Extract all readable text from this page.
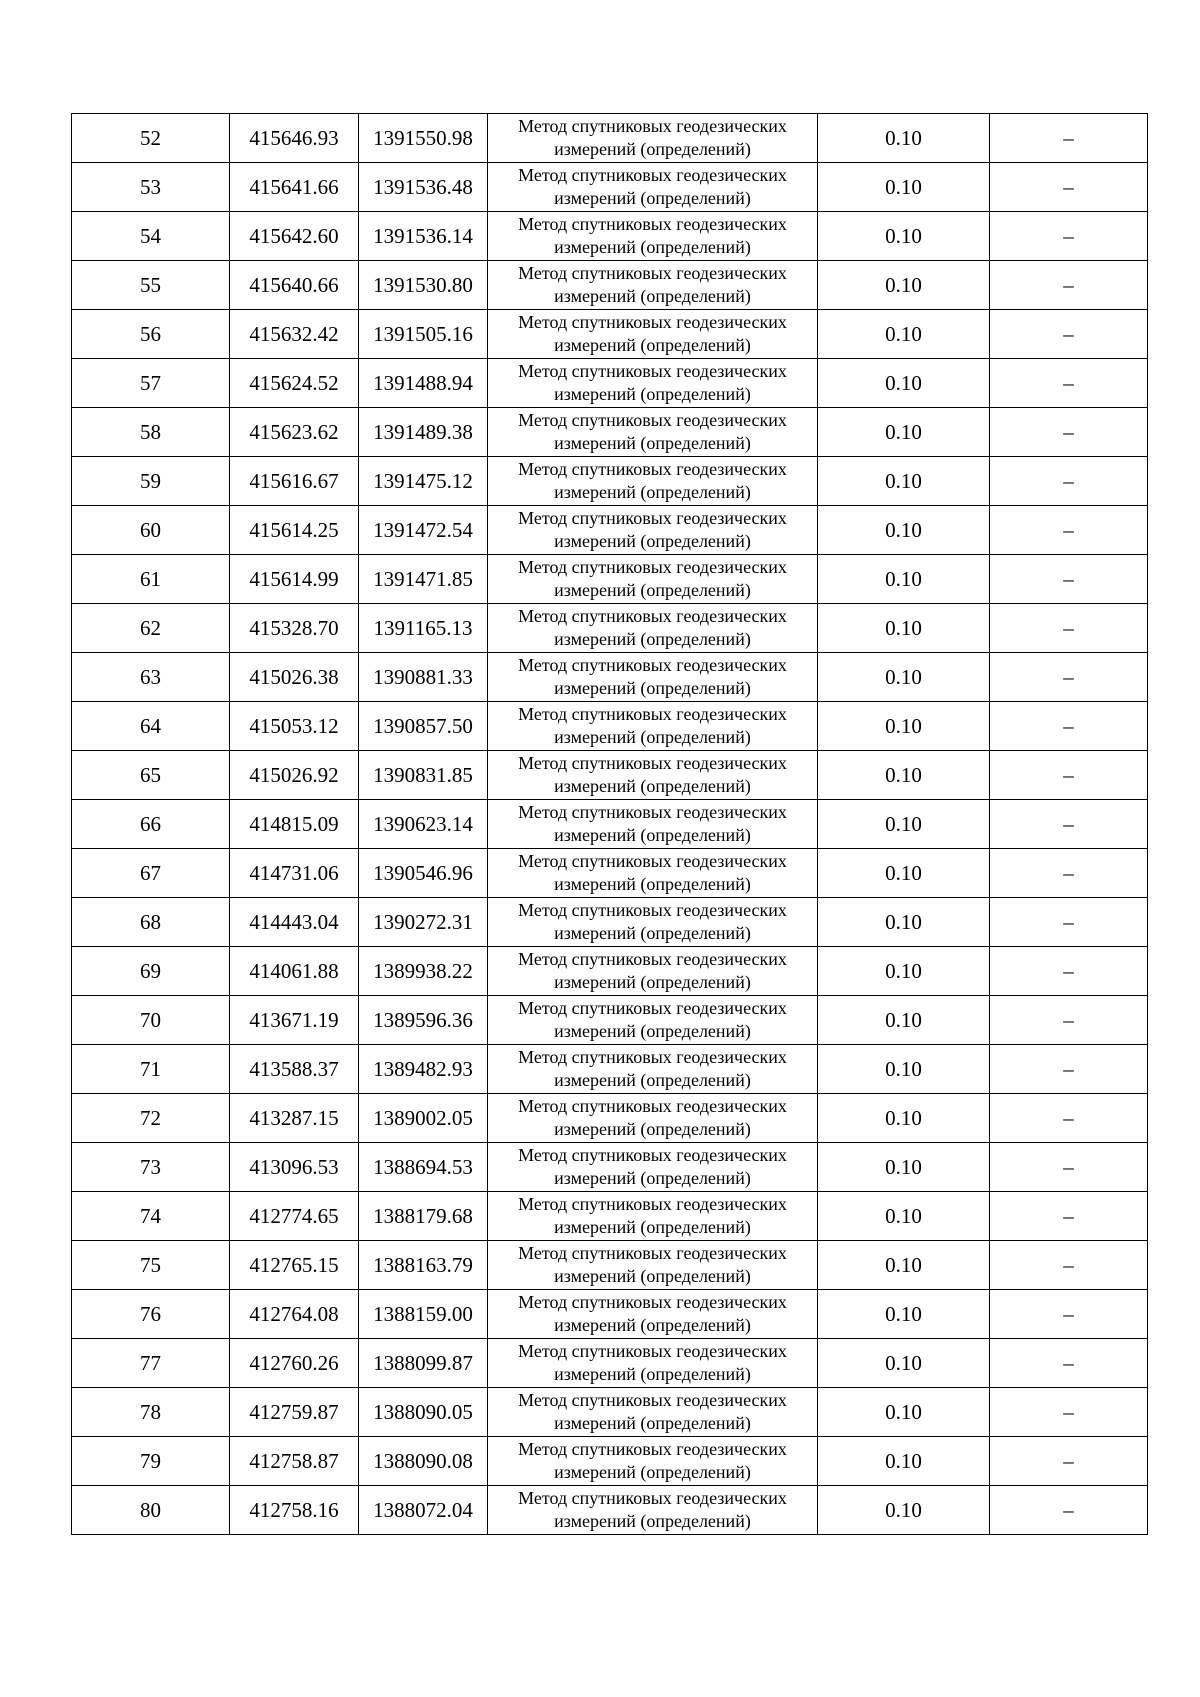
52	415646.93	1391550.98	Метод спутниковых геодезических
измерений (определений)	0.10	–
53	415641.66	1391536.48	Метод спутниковых геодезических
измерений (определений)	0.10	–
54	415642.60	1391536.14	Метод спутниковых геодезических
измерений (определений)	0.10	–
55	415640.66	1391530.80	Метод спутниковых геодезических
измерений (определений)	0.10	–
56	415632.42	1391505.16	Метод спутниковых геодезических
измерений (определений)	0.10	–
57	415624.52	1391488.94	Метод спутниковых геодезических
измерений (определений)	0.10	–
58	415623.62	1391489.38	Метод спутниковых геодезических
измерений (определений)	0.10	–
59	415616.67	1391475.12	Метод спутниковых геодезических
измерений (определений)	0.10	–
60	415614.25	1391472.54	Метод спутниковых геодезических
измерений (определений)	0.10	–
61	415614.99	1391471.85	Метод спутниковых геодезических
измерений (определений)	0.10	–
62	415328.70	1391165.13	Метод спутниковых геодезических
измерений (определений)	0.10	–
63	415026.38	1390881.33	Метод спутниковых геодезических
измерений (определений)	0.10	–
64	415053.12	1390857.50	Метод спутниковых геодезических
измерений (определений)	0.10	–
65	415026.92	1390831.85	Метод спутниковых геодезических
измерений (определений)	0.10	–
66	414815.09	1390623.14	Метод спутниковых геодезических
измерений (определений)	0.10	–
67	414731.06	1390546.96	Метод спутниковых геодезических
измерений (определений)	0.10	–
68	414443.04	1390272.31	Метод спутниковых геодезических
измерений (определений)	0.10	–
69	414061.88	1389938.22	Метод спутниковых геодезических
измерений (определений)	0.10	–
70	413671.19	1389596.36	Метод спутниковых геодезических
измерений (определений)	0.10	–
71	413588.37	1389482.93	Метод спутниковых геодезических
измерений (определений)	0.10	–
72	413287.15	1389002.05	Метод спутниковых геодезических
измерений (определений)	0.10	–
73	413096.53	1388694.53	Метод спутниковых геодезических
измерений (определений)	0.10	–
74	412774.65	1388179.68	Метод спутниковых геодезических
измерений (определений)	0.10	–
75	412765.15	1388163.79	Метод спутниковых геодезических
измерений (определений)	0.10	–
76	412764.08	1388159.00	Метод спутниковых геодезических
измерений (определений)	0.10	–
77	412760.26	1388099.87	Метод спутниковых геодезических
измерений (определений)	0.10	–
78	412759.87	1388090.05	Метод спутниковых геодезических
измерений (определений)	0.10	–
79	412758.87	1388090.08	Метод спутниковых геодезических
измерений (определений)	0.10	–
80	412758.16	1388072.04	Метод спутниковых геодезических
измерений (определений)	0.10	–
